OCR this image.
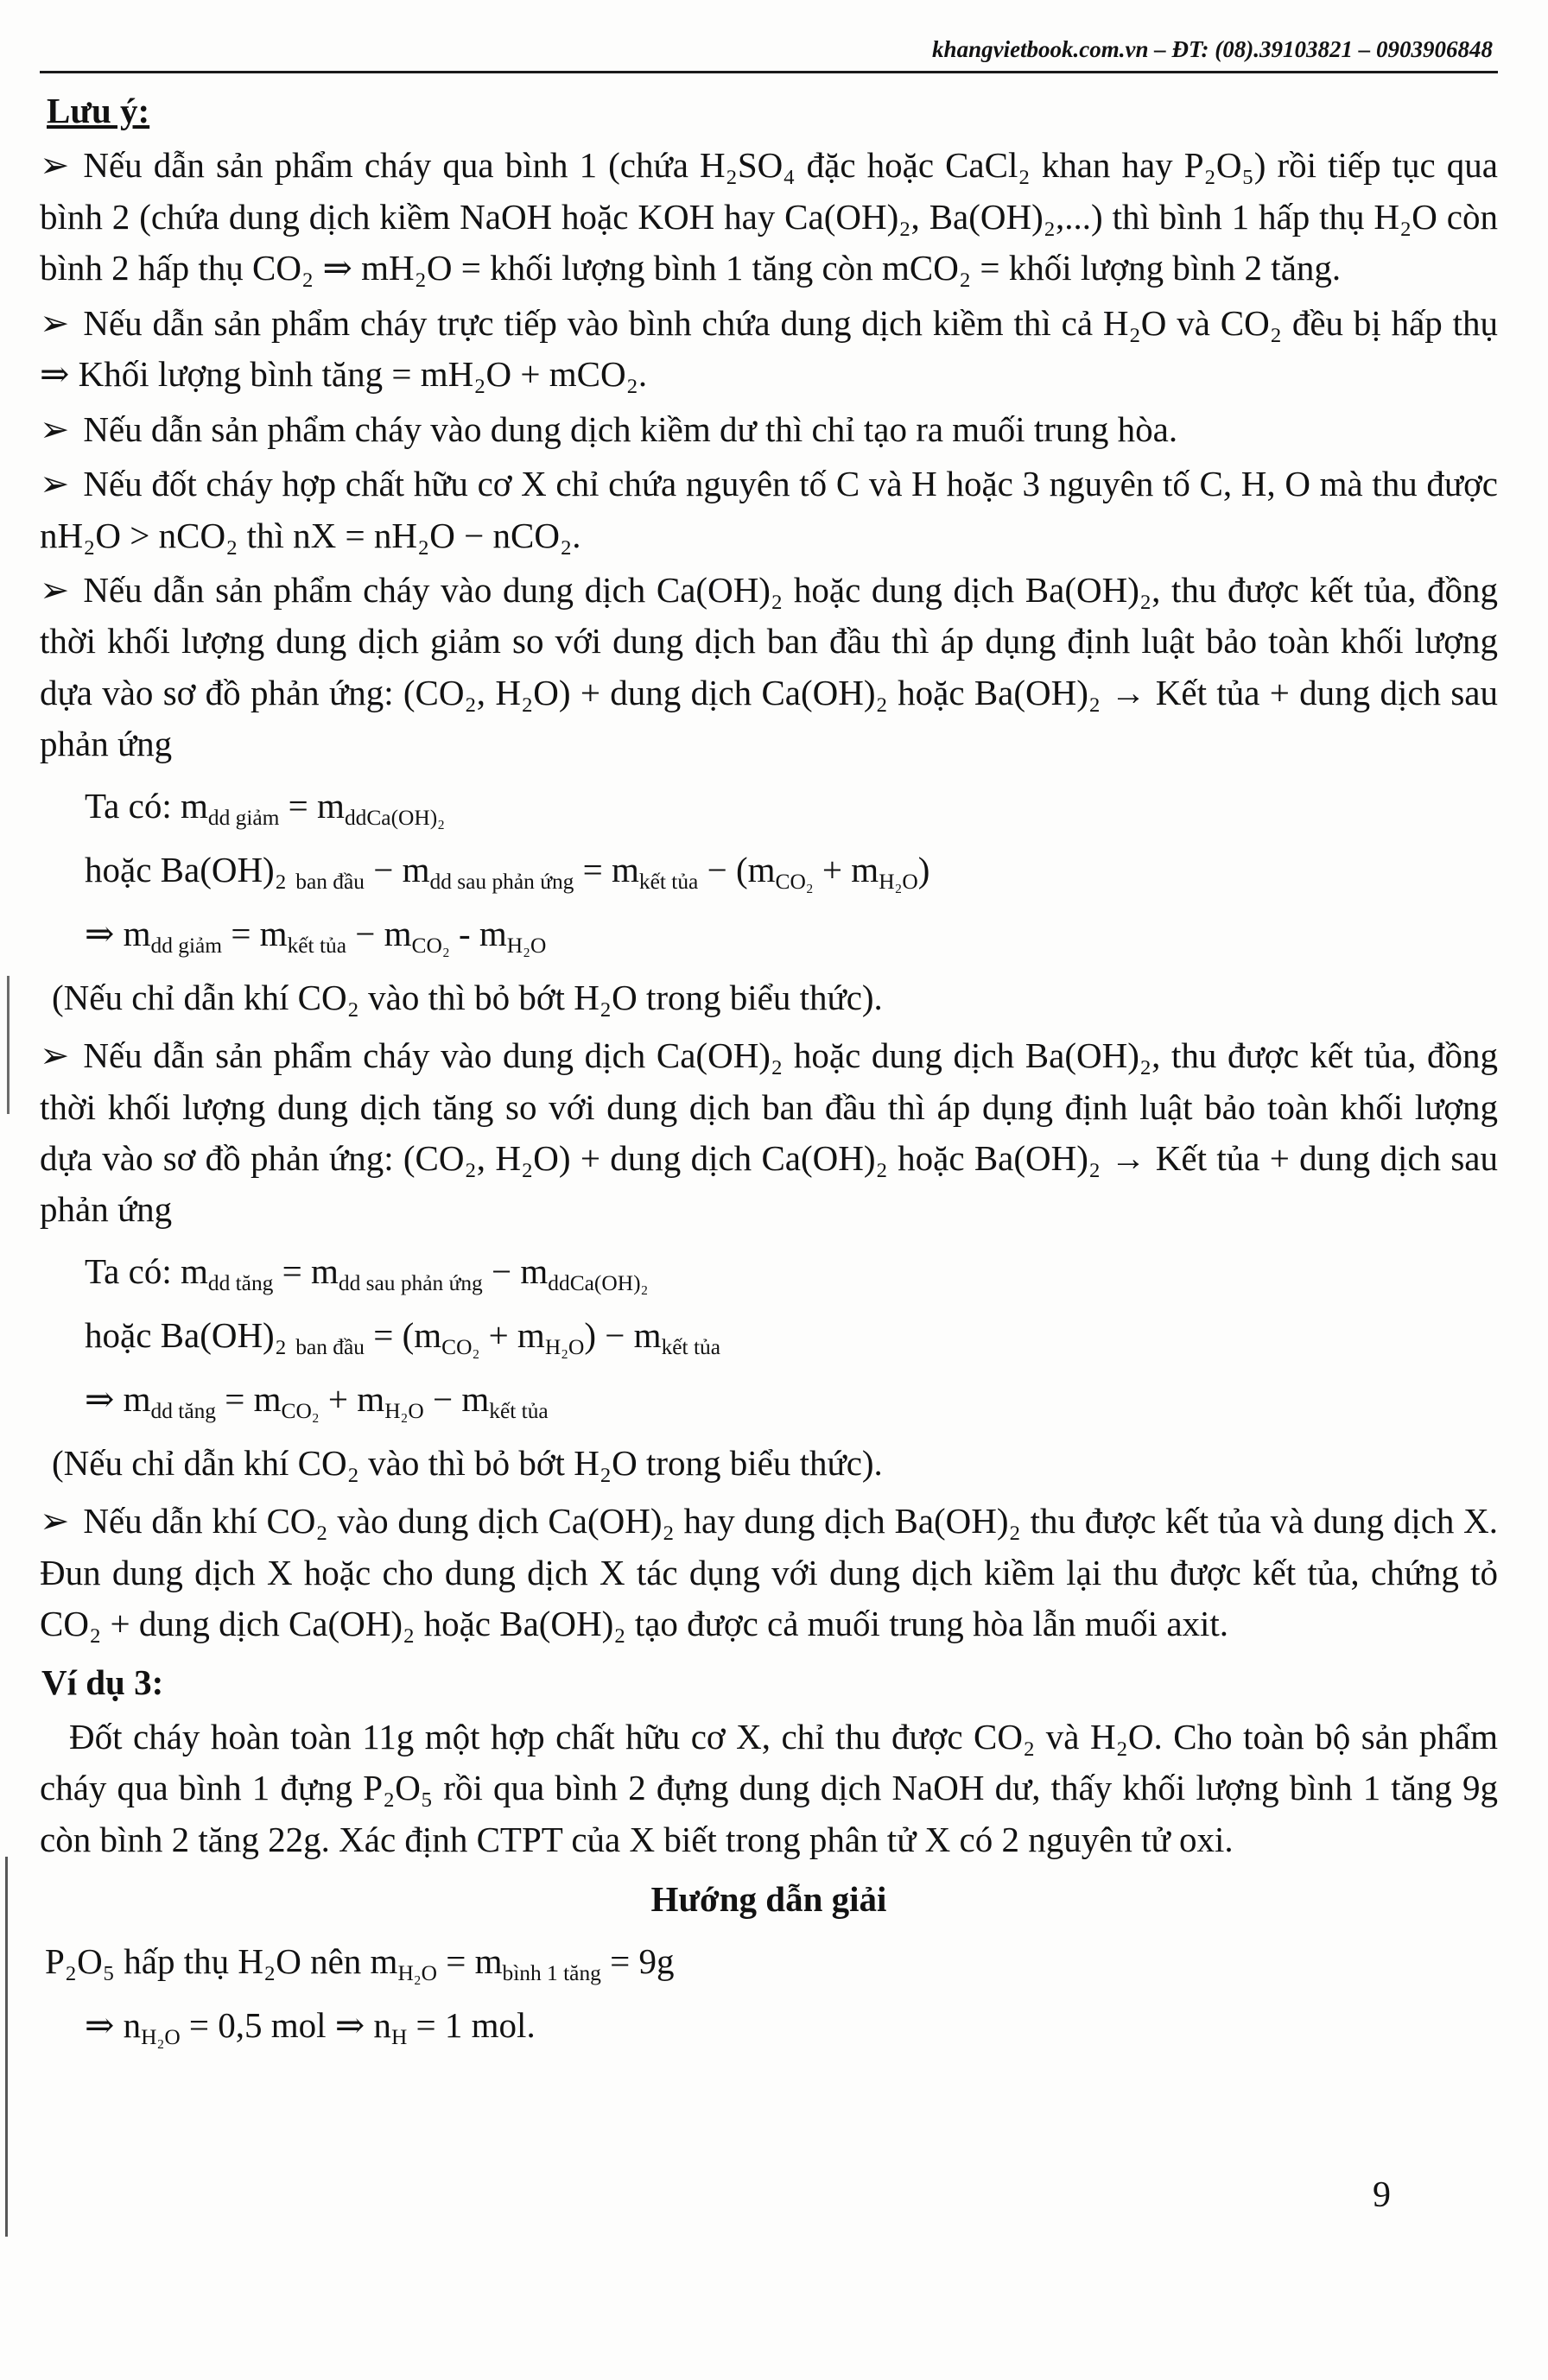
khangvietbook.com.vn – ĐT: (08).39103821 – 0903906848

Lưu ý:

➢ Nếu dẫn sản phẩm cháy qua bình 1 (chứa H₂SO₄ đặc hoặc CaCl₂ khan hay P₂O₅) rồi tiếp tục qua bình 2 (chứa dung dịch kiềm NaOH hoặc KOH hay Ca(OH)₂, Ba(OH)₂,...) thì bình 1 hấp thụ H₂O còn bình 2 hấp thụ CO₂ ⇒ mH₂O = khối lượng bình 1 tăng còn mCO₂ = khối lượng bình 2 tăng.

➢ Nếu dẫn sản phẩm cháy trực tiếp vào bình chứa dung dịch kiềm thì cả H₂O và CO₂ đều bị hấp thụ ⇒ Khối lượng bình tăng = mH₂O + mCO₂.

➢ Nếu dẫn sản phẩm cháy vào dung dịch kiềm dư thì chỉ tạo ra muối trung hòa.

➢ Nếu đốt cháy hợp chất hữu cơ X chỉ chứa nguyên tố C và H hoặc 3 nguyên tố C, H, O mà thu được nH₂O > nCO₂ thì nX = nH₂O − nCO₂.

➢ Nếu dẫn sản phẩm cháy vào dung dịch Ca(OH)₂ hoặc dung dịch Ba(OH)₂, thu được kết tủa, đồng thời khối lượng dung dịch giảm so với dung dịch ban đầu thì áp dụng định luật bảo toàn khối lượng dựa vào sơ đồ phản ứng: (CO₂, H₂O) + dung dịch Ca(OH)₂ hoặc Ba(OH)₂ → Kết tủa + dung dịch sau phản ứng

Ta có: $m_{dd giảm} = m_{ddCa(OH)_2}$

hoặc Ba(OH)₂ $_{ban đầu} - m_{dd sau phản ứng} = m_{kết tủa} - (m_{CO_2} + m_{H_2O})$

⇒ $m_{dd giảm} = m_{kết tủa} - m_{CO_2} - m_{H_2O}$

(Nếu chỉ dẫn khí CO₂ vào thì bỏ bớt H₂O trong biểu thức).

➢ Nếu dẫn sản phẩm cháy vào dung dịch Ca(OH)₂ hoặc dung dịch Ba(OH)₂, thu được kết tủa, đồng thời khối lượng dung dịch tăng so với dung dịch ban đầu thì áp dụng định luật bảo toàn khối lượng dựa vào sơ đồ phản ứng: (CO₂, H₂O) + dung dịch Ca(OH)₂ hoặc Ba(OH)₂ → Kết tủa + dung dịch sau phản ứng

Ta có: $m_{dd tăng} = m_{dd sau phản ứng} - m_{ddCa(OH)_2}$

hoặc Ba(OH)₂ $_{ban đầu} = (m_{CO_2} + m_{H_2O}) - m_{kết tủa}$

⇒ $m_{dd tăng} = m_{CO_2} + m_{H_2O} - m_{kết tủa}$

(Nếu chỉ dẫn khí CO₂ vào thì bỏ bớt H₂O trong biểu thức).

➢ Nếu dẫn khí CO₂ vào dung dịch Ca(OH)₂ hay dung dịch Ba(OH)₂ thu được kết tủa và dung dịch X. Đun dung dịch X hoặc cho dung dịch X tác dụng với dung dịch kiềm lại thu được kết tủa, chứng tỏ CO₂ + dung dịch Ca(OH)₂ hoặc Ba(OH)₂ tạo được cả muối trung hòa lẫn muối axit.

Ví dụ 3:

Đốt cháy hoàn toàn 11g một hợp chất hữu cơ X, chỉ thu được CO₂ và H₂O. Cho toàn bộ sản phẩm cháy qua bình 1 đựng P₂O₅ rồi qua bình 2 đựng dung dịch NaOH dư, thấy khối lượng bình 1 tăng 9g còn bình 2 tăng 22g. Xác định CTPT của X biết trong phân tử X có 2 nguyên tử oxi.

Hướng dẫn giải

P₂O₅ hấp thụ H₂O nên $m_{H_2O} = m_{bình 1 tăng} = 9g$

⇒ $n_{H_2O} = 0,5$ mol ⇒ $n_H = 1$ mol.

9
